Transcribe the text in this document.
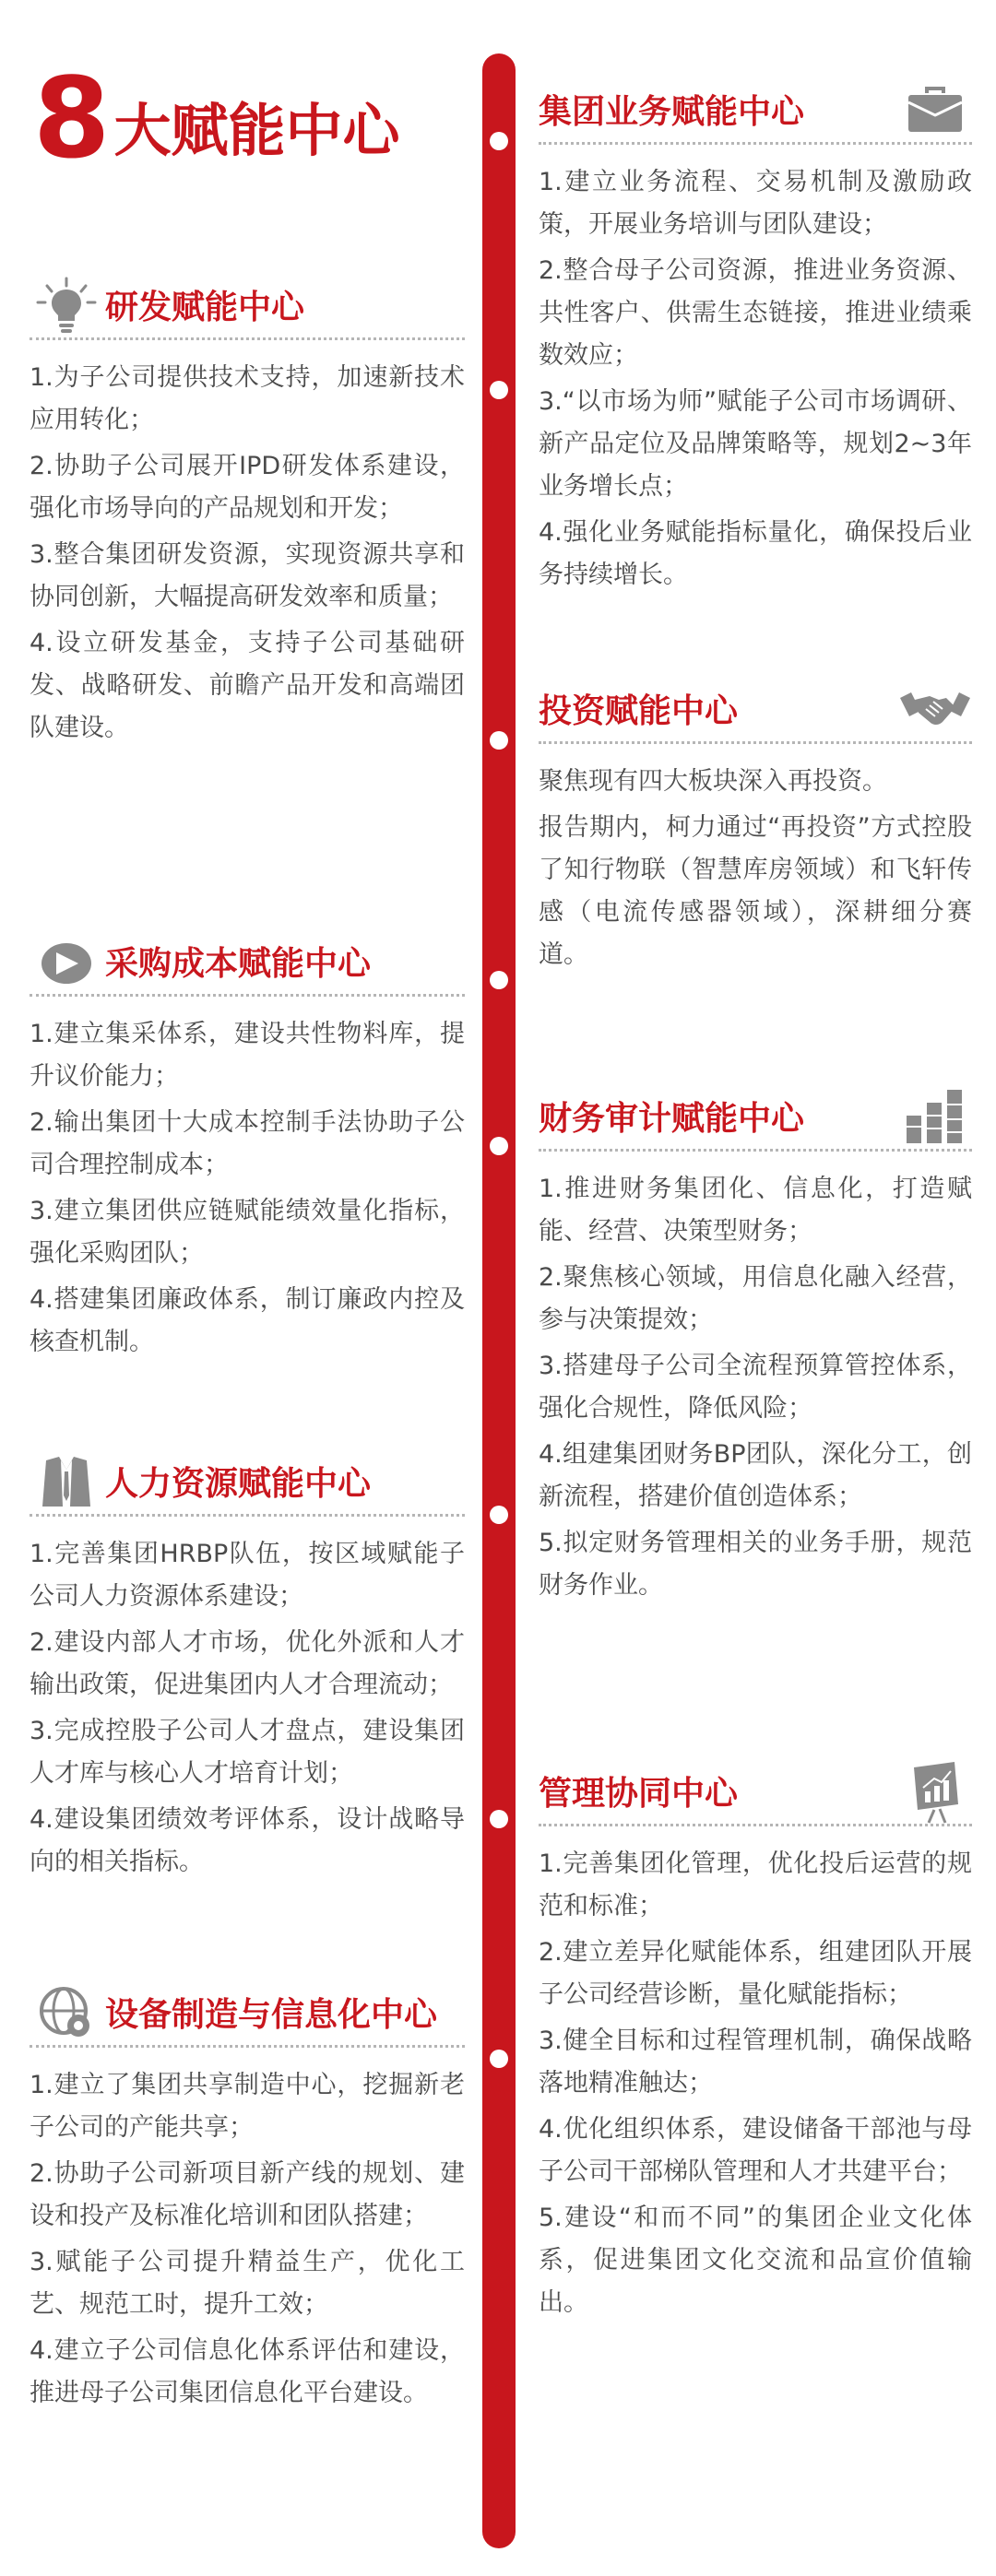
8 大赋能中心
研发赋能中心

1.为子公司提供技术支持，加速新技术应用转化；

2.协助子公司展开IPD研发体系建设，强化市场导向的产品规划和开发；

3.整合集团研发资源，实现资源共享和协同创新，大幅提高研发效率和质量；

4.设立研发基金，支持子公司基础研发、战略研发、前瞻产品开发和高端团队建设。

采购成本赋能中心

1.建立集采体系，建设共性物料库，提升议价能力；

2.输出集团十大成本控制手法协助子公司合理控制成本；

3.建立集团供应链赋能绩效量化指标，强化采购团队；

4.搭建集团廉政体系，制订廉政内控及核查机制。

人力资源赋能中心

1.完善集团HRBP队伍，按区域赋能子公司人力资源体系建设；

2.建设内部人才市场，优化外派和人才输出政策，促进集团内人才合理流动；

3.完成控股子公司人才盘点，建设集团人才库与核心人才培育计划；

4.建设集团绩效考评体系，设计战略导向的相关指标。

设备制造与信息化中心

1.建立了集团共享制造中心，挖掘新老子公司的产能共享；

2.协助子公司新项目新产线的规划、建设和投产及标准化培训和团队搭建；

3.赋能子公司提升精益生产，优化工艺、规范工时，提升工效；

4.建立子公司信息化体系评估和建设，推进母子公司集团信息化平台建设。

集团业务赋能中心

1.建立业务流程、交易机制及激励政策，开展业务培训与团队建设；

2.整合母子公司资源，推进业务资源、共性客户、供需生态链接，推进业绩乘数效应；

3.“以市场为师”赋能子公司市场调研、新产品定位及品牌策略等，规划2~3年业务增长点；

4.强化业务赋能指标量化，确保投后业务持续增长。

投资赋能中心

聚焦现有四大板块深入再投资。

报告期内，柯力通过“再投资”方式控股了知行物联（智慧库房领域）和飞轩传感（电流传感器领域），深耕细分赛道。

财务审计赋能中心

1.推进财务集团化、信息化，打造赋能、经营、决策型财务；

2.聚焦核心领域，用信息化融入经营，参与决策提效；

3.搭建母子公司全流程预算管控体系，强化合规性，降低风险；

4.组建集团财务BP团队，深化分工，创新流程，搭建价值创造体系；

5.拟定财务管理相关的业务手册，规范财务作业。

管理协同中心

1.完善集团化管理，优化投后运营的规范和标准；

2.建立差异化赋能体系，组建团队开展子公司经营诊断，量化赋能指标；

3.健全目标和过程管理机制，确保战略落地精准触达；

4.优化组织体系，建设储备干部池与母子公司干部梯队管理和人才共建平台；

5.建设“和而不同”的集团企业文化体系，促进集团文化交流和品宣价值输出。
